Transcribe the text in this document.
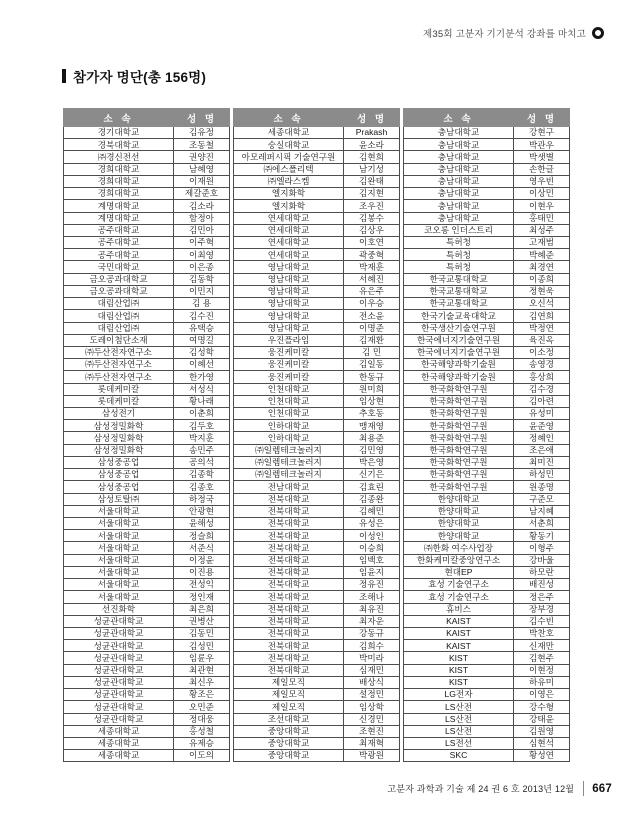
제35회 고분자 기기분석 강좌를 마치고
참가자 명단(총 156명)
소 속	성 명
경기대학교	김유정
경북대학교	조동철
㈜경신전선	권양진
경희대학교	남혜영
경희대학교	이재원
경희대학교	제갈준호
계명대학교	김소라
계명대학교	함정아
공주대학교	김민아
공주대학교	이주혁
공주대학교	이최영
국민대학교	이은종
금오공과대학교	김동학
금오공과대학교	이민지
대림산업㈜	김 용
대림산업㈜	김수진
대림산업㈜	유택승
도레이첨단소재	여명길
㈜두산전자연구소	김성학
㈜두산전자연구소	이혜선
㈜두산전자연구소	한가영
롯데케미칼	서성식
롯데케미칼	황나래
삼성전기	이춘희
삼성정밀화학	김두호
삼성정밀화학	박지훈
삼성정밀화학	송민주
삼성중공업	공의석
삼성중공업	김종학
삼성중공업	김종호
삼성토탈㈜	하정국
서울대학교	안광현
서울대학교	윤해성
서울대학교	정슬희
서울대학교	서준식
서울대학교	이정윤
서울대학교	이진용
서울대학교	전성익
서울대학교	정인재
선진화학	최은희
성균관대학교	권병산
성균관대학교	김동민
성균관대학교	김성민
성균관대학교	임륜우
성균관대학교	최관현
성균관대학교	최신우
성균관대학교	황조은
성균관대학교	오민준
성균관대학교	정대웅
세종대학교	홍성철
세종대학교	유제승
세종대학교	이도의
소 속	성 명
세종대학교	Prakash
숭실대학교	윤소라
아모레퍼시픽 기술연구원	김현희
㈜에스폴리텍	남기성
㈜엘라스켐	김완태
엘지화학	김지현
엘지화학	조우진
연세대학교	김봉수
연세대학교	김상우
연세대학교	이호연
연세대학교	곽중혁
영남대학교	박재훈
영남대학교	서혜진
영남대학교	유은주
영남대학교	이우승
영남대학교	전소윤
영남대학교	이명준
우진플라임	김재환
웅진케미칼	김 민
웅진케미칼	김일동
웅진케미칼	한동규
인천대학교	원미희
인천대학교	임상현
인천대학교	추호동
인하대학교	맹재영
인하대학교	최용준
㈜일렘테크놀러지	김민영
㈜일렘테크놀러지	박은영
㈜일렘테크놀러지	신기은
전남대학교	김효린
전북대학교	김종완
전북대학교	김혜민
전북대학교	유성은
전북대학교	이성인
전북대학교	이승희
전북대학교	임백호
전북대학교	임윤지
전북대학교	정유진
전북대학교	조해나
전북대학교	최유진
전북대학교	최자운
전북대학교	강동규
전북대학교	김희수
전북대학교	박미라
전북대학교	심재민
제일모직	배상식
제일모직	설정민
제일모직	임상학
조선대학교	신경민
중앙대학교	조현진
중앙대학교	최재혁
중앙대학교	박광원
소 속	성 명
충남대학교	강현구
충남대학교	박관우
충남대학교	박샛별
충남대학교	손한글
충남대학교	영우빈
충남대학교	이상민
충남대학교	이현우
충남대학교	홍태민
코오롱 인더스트리	최성주
특허청	고재범
특허청	박혜준
특허청	최경연
한국교통대학교	이종희
한국교통대학교	정현욱
한국교통대학교	오신석
한국기술교육대학교	김연희
한국생산기술연구원	박정연
한국에너지기술연구원	육진옥
한국에너지기술연구원	이소정
한국해양과학기술원	송영경
한국해양과학기술원	홍상희
한국화학연구원	김수경
한국화학연구원	김아련
한국화학연구원	유성미
한국화학연구원	윤준영
한국화학연구원	정혜인
한국화학연구원	조은애
한국화학연구원	최미진
한국화학연구원	하성민
한국화학연구원	원종명
한양대학교	구준모
한양대학교	남지혜
한양대학교	서춘희
한양대학교	황동기
㈜한화 여수사업장	이형주
한화케미칼중앙연구소	강바울
현대EP	하모란
효성 기술연구소	배진성
효성 기술연구소	정은주
휴비스	장부경
KAIST	김수빈
KAIST	박찬호
KAIST	신재만
KIST	김현주
KIST	이현정
KIST	하유미
LG전자	이영은
LS산전	강수형
LS산전	강태윤
LS산전	김원영
LS전선	심현석
SKC	황성연
고분자 과학과 기술 제 24 권 6 호 2013년 12월 667
